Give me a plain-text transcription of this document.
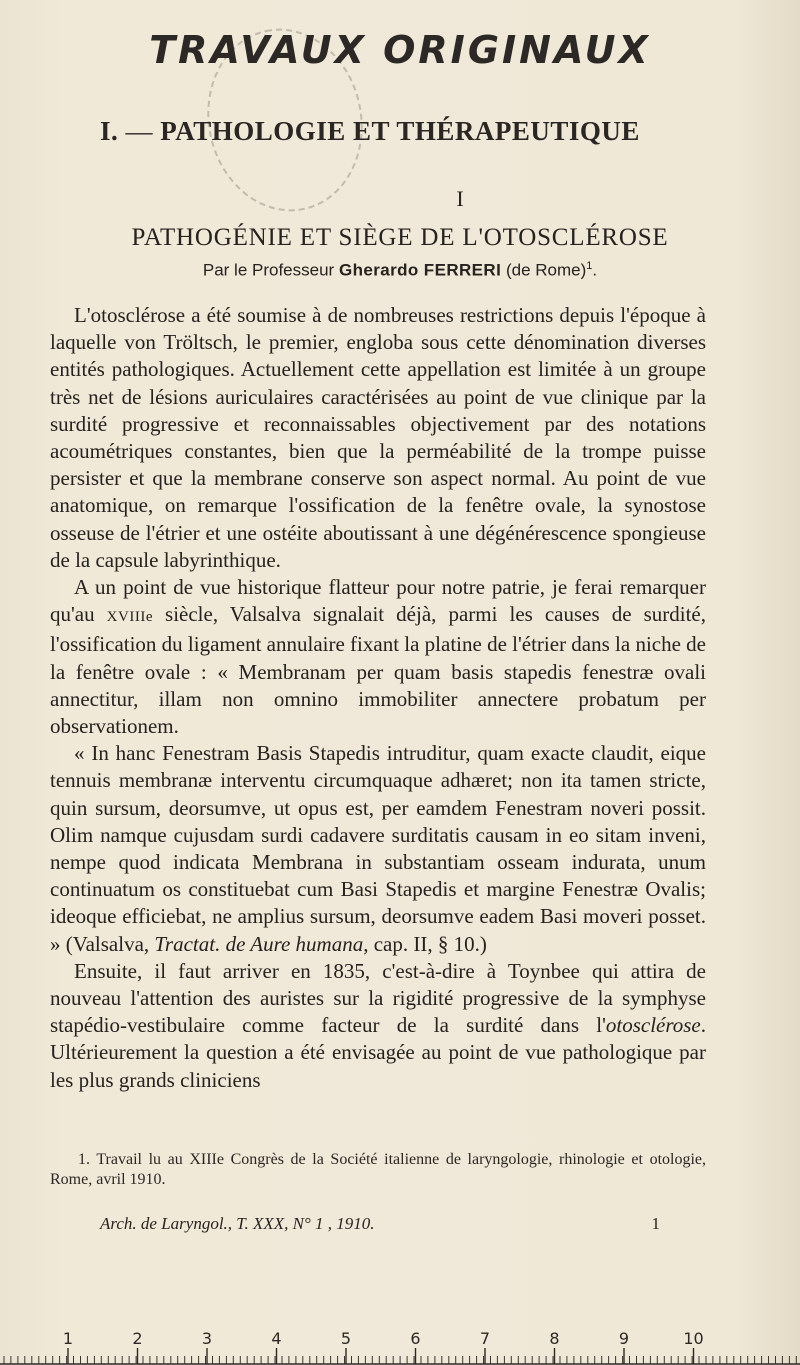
TRAVAUX ORIGINAUX
I. — PATHOLOGIE ET THÉRAPEUTIQUE
I
PATHOGÉNIE ET SIÈGE DE L'OTOSCLÉROSE
Par le Professeur Gherardo FERRERI (de Rome)$^1$.

L'otosclérose a été soumise à de nombreuses restrictions depuis l'époque à laquelle von Tröltsch, le premier, engloba sous cette dénomination diverses entités pathologiques. Actuellement cette appellation est limitée à un groupe très net de lésions auriculaires caractérisées au point de vue clinique par la surdité progressive et reconnaissables objectivement par des notations acoumétriques constantes, bien que la perméabilité de la trompe puisse persister et que la membrane conserve son aspect normal. Au point de vue anatomique, on remarque l'ossification de la fenêtre ovale, la synostose osseuse de l'étrier et une ostéite aboutissant à une dégénérescence spongieuse de la capsule labyrinthique.

A un point de vue historique flatteur pour notre patrie, je ferai remarquer qu'au XVIIIe siècle, Valsalva signalait déjà, parmi les causes de surdité, l'ossification du ligament annulaire fixant la platine de l'étrier dans la niche de la fenêtre ovale : « Membranam per quam basis stapedis fenestræ ovali annectitur, illam non omnino immobiliter annectere probatum per observationem.

« In hanc Fenestram Basis Stapedis intruditur, quam exacte claudit, eique tennuis membranæ interventu circumquaque adhæret; non ita tamen stricte, quin sursum, deorsumve, ut opus est, per eamdem Fenestram noveri possit. Olim namque cujusdam surdi cadavere surditatis causam in eo sitam inveni, nempe quod indicata Membrana in substantiam osseam indurata, unum continuatum os constituebat cum Basi Stapedis et margine Fenestræ Ovalis; ideoque efficiebat, ne amplius sursum, deorsumve eadem Basi moveri posset. » (Valsalva, Tractat. de Aure humana, cap. II, § 10.)

Ensuite, il faut arriver en 1835, c'est-à-dire à Toynbee qui attira de nouveau l'attention des auristes sur la rigidité progressive de la symphyse stapédio-vestibulaire comme facteur de la surdité dans l'otosclérose. Ultérieurement la question a été envisagée au point de vue pathologique par les plus grands cliniciens

1. Travail lu au XIIIe Congrès de la Société italienne de laryngologie, rhinologie et otologie, Rome, avril 1910.
Arch. de Laryngol., T. XXX, N° 1 , 1910.	1
1	2	3	4	5	6	7	8	9	10
